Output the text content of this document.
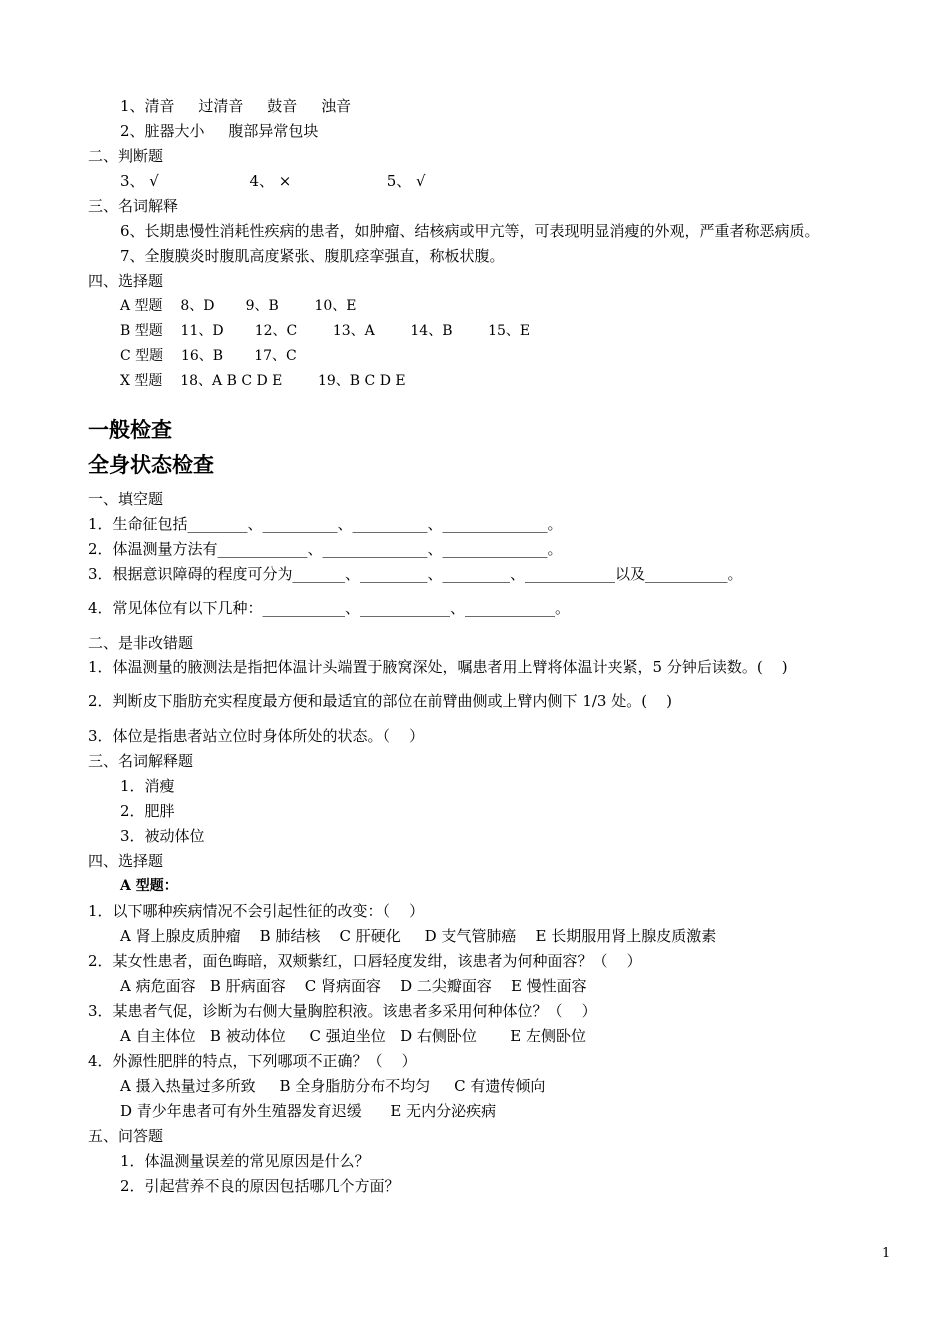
1、清音     过清音     鼓音     浊音
2、脏器大小     腹部异常包块
二、判断题
3、 √                   4、 ×                    5、 √
三、名词解释
6、长期患慢性消耗性疾病的患者，如肿瘤、结核病或甲亢等，可表现明显消瘦的外观，严重者称恶病质。
7、全腹膜炎时腹肌高度紧张、腹肌痉挛强直，称板状腹。
四、选择题
A 型题    8、D       9、B        10、E
B 型题    11、D       12、C        13、A        14、B        15、E
C 型题    16、B       17、C
X 型题    18、A B C D E        19、B C D E
一般检查
全身状态检查
一、填空题
1．生命征包括________、__________、__________、______________。
2．体温测量方法有____________、______________、______________。
3．根据意识障碍的程度可分为_______、_________、_________、____________以及___________。
4．常见体位有以下几种：___________、____________、____________。
二、是非改错题
1．体温测量的腋测法是指把体温计头端置于腋窝深处，嘱患者用上臂将体温计夹紧，5 分钟后读数。(    )
2．判断皮下脂肪充实程度最方便和最适宜的部位在前臂曲侧或上臂内侧下 1/3 处。(    )
3．体位是指患者站立位时身体所处的状态。（    ）
三、名词解释题
1．消瘦
2．肥胖
3．被动体位
四、选择题
A 型题：
1．以下哪种疾病情况不会引起性征的改变：（    ）
A 肾上腺皮质肿瘤    B 肺结核    C 肝硬化     D 支气管肺癌    E 长期服用肾上腺皮质激素
2．某女性患者，面色晦暗，双颊紫红，口唇轻度发绀，该患者为何种面容？（    ）
A 病危面容   B 肝病面容    C 肾病面容    D 二尖瓣面容    E 慢性面容
3．某患者气促，诊断为右侧大量胸腔积液。该患者多采用何种体位？（    ）
A 自主体位   B 被动体位     C 强迫坐位   D 右侧卧位       E 左侧卧位
4．外源性肥胖的特点，下列哪项不正确？（    ）
A 摄入热量过多所致     B 全身脂肪分布不均匀     C 有遗传倾向
D 青少年患者可有外生殖器发育迟缓      E 无内分泌疾病
五、问答题
1．体温测量误差的常见原因是什么？
2．引起营养不良的原因包括哪几个方面？
1
